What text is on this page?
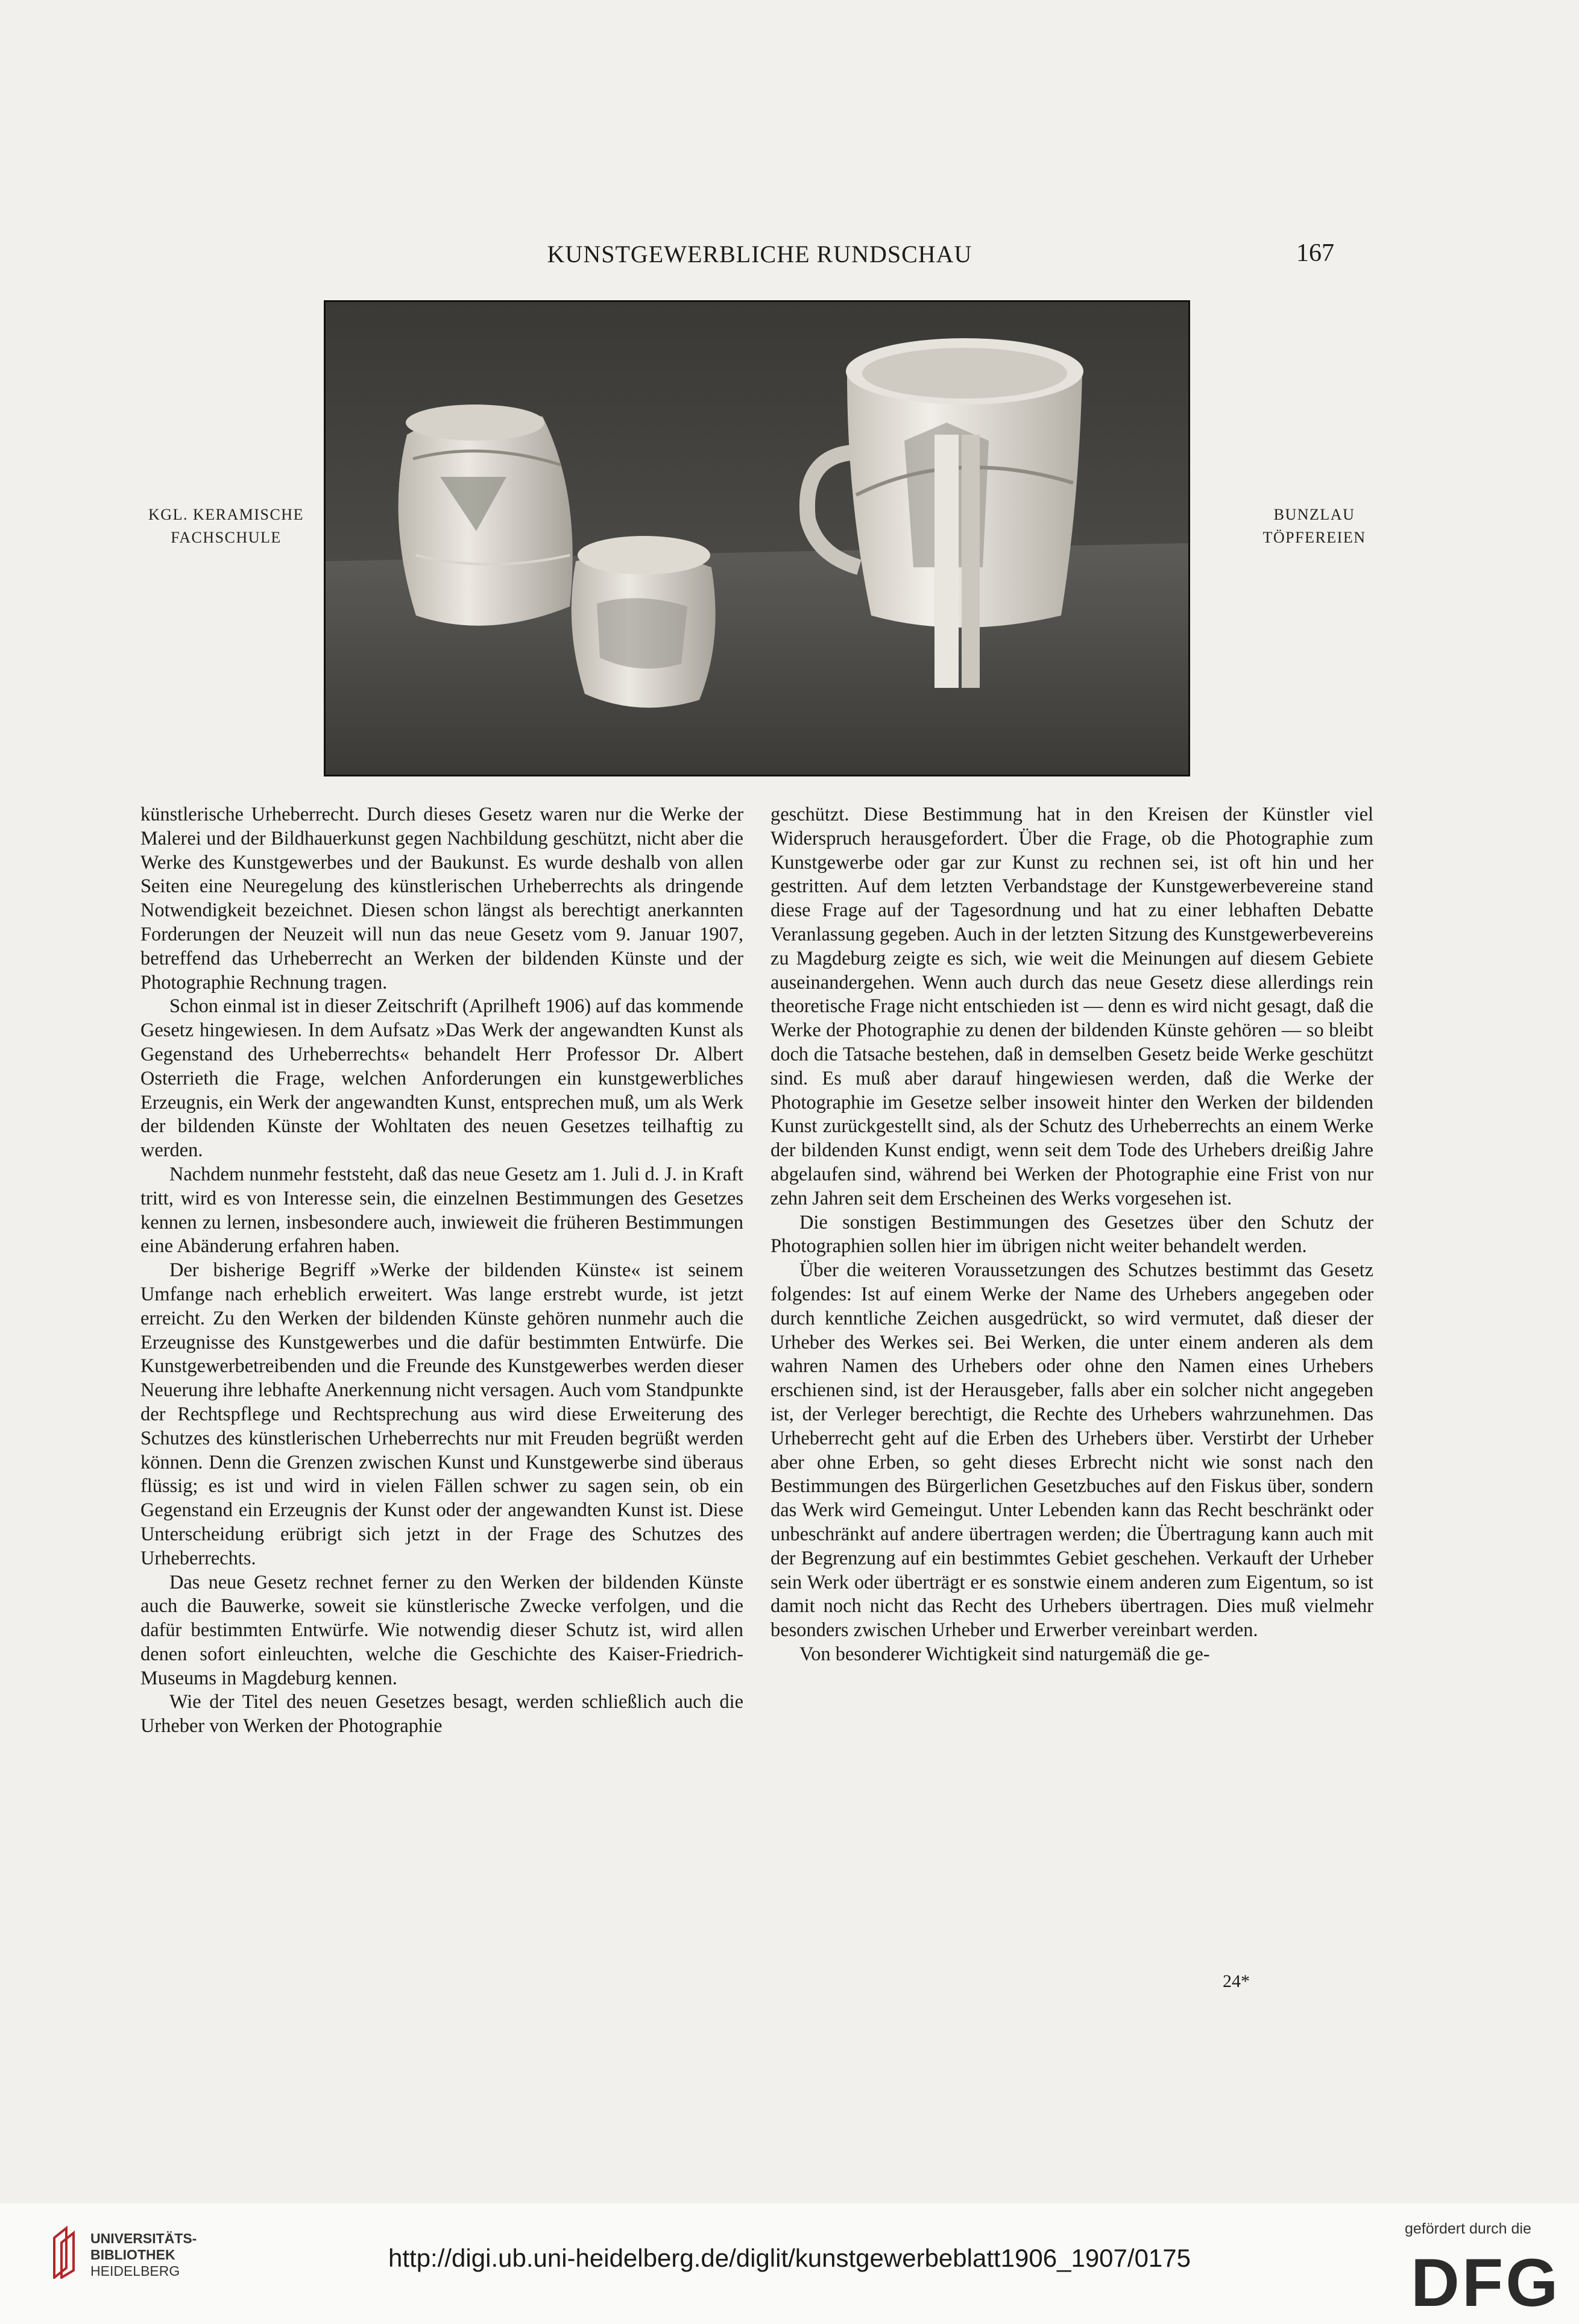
KUNSTGEWERBLICHE RUNDSCHAU	167
KGL. KERAMISCHE
FACHSCHULE
BUNZLAU
TÖPFEREIEN

künstlerische Urheberrecht. Durch dieses Gesetz waren nur die Werke der Malerei und der Bildhauerkunst gegen Nachbildung geschützt, nicht aber die Werke des Kunstgewerbes und der Baukunst. Es wurde deshalb von allen Seiten eine Neuregelung des künstlerischen Urheberrechts als dringende Notwendigkeit bezeichnet. Diesen schon längst als berechtigt anerkannten Forderungen der Neuzeit will nun das neue Gesetz vom 9. Januar 1907, betreffend das Urheberrecht an Werken der bildenden Künste und der Photographie Rechnung tragen.

Schon einmal ist in dieser Zeitschrift (Aprilheft 1906) auf das kommende Gesetz hingewiesen. In dem Aufsatz »Das Werk der angewandten Kunst als Gegenstand des Urheberrechts« behandelt Herr Professor Dr. Albert Osterrieth die Frage, welchen Anforderungen ein kunstgewerbliches Erzeugnis, ein Werk der angewandten Kunst, entsprechen muß, um als Werk der bildenden Künste der Wohltaten des neuen Gesetzes teilhaftig zu werden.

Nachdem nunmehr feststeht, daß das neue Gesetz am 1. Juli d. J. in Kraft tritt, wird es von Interesse sein, die einzelnen Bestimmungen des Gesetzes kennen zu lernen, insbesondere auch, inwieweit die früheren Bestimmungen eine Abänderung erfahren haben.

Der bisherige Begriff »Werke der bildenden Künste« ist seinem Umfange nach erheblich erweitert. Was lange erstrebt wurde, ist jetzt erreicht. Zu den Werken der bildenden Künste gehören nunmehr auch die Erzeugnisse des Kunstgewerbes und die dafür bestimmten Entwürfe. Die Kunstgewerbetreibenden und die Freunde des Kunstgewerbes werden dieser Neuerung ihre lebhafte Anerkennung nicht versagen. Auch vom Standpunkte der Rechtspflege und Rechtsprechung aus wird diese Erweiterung des Schutzes des künstlerischen Urheberrechts nur mit Freuden begrüßt werden können. Denn die Grenzen zwischen Kunst und Kunstgewerbe sind überaus flüssig; es ist und wird in vielen Fällen schwer zu sagen sein, ob ein Gegenstand ein Erzeugnis der Kunst oder der angewandten Kunst ist. Diese Unterscheidung erübrigt sich jetzt in der Frage des Schutzes des Urheberrechts.

Das neue Gesetz rechnet ferner zu den Werken der bildenden Künste auch die Bauwerke, soweit sie künstlerische Zwecke verfolgen, und die dafür bestimmten Entwürfe. Wie notwendig dieser Schutz ist, wird allen denen sofort einleuchten, welche die Geschichte des Kaiser-Friedrich-Museums in Magdeburg kennen.

Wie der Titel des neuen Gesetzes besagt, werden schließlich auch die Urheber von Werken der Photographie

geschützt. Diese Bestimmung hat in den Kreisen der Künstler viel Widerspruch herausgefordert. Über die Frage, ob die Photographie zum Kunstgewerbe oder gar zur Kunst zu rechnen sei, ist oft hin und her gestritten. Auf dem letzten Verbandstage der Kunstgewerbevereine stand diese Frage auf der Tagesordnung und hat zu einer lebhaften Debatte Veranlassung gegeben. Auch in der letzten Sitzung des Kunstgewerbevereins zu Magdeburg zeigte es sich, wie weit die Meinungen auf diesem Gebiete auseinandergehen. Wenn auch durch das neue Gesetz diese allerdings rein theoretische Frage nicht entschieden ist — denn es wird nicht gesagt, daß die Werke der Photographie zu denen der bildenden Künste gehören — so bleibt doch die Tatsache bestehen, daß in demselben Gesetz beide Werke geschützt sind. Es muß aber darauf hingewiesen werden, daß die Werke der Photographie im Gesetze selber insoweit hinter den Werken der bildenden Kunst zurückgestellt sind, als der Schutz des Urheberrechts an einem Werke der bildenden Kunst endigt, wenn seit dem Tode des Urhebers dreißig Jahre abgelaufen sind, während bei Werken der Photographie eine Frist von nur zehn Jahren seit dem Erscheinen des Werks vorgesehen ist.

Die sonstigen Bestimmungen des Gesetzes über den Schutz der Photographien sollen hier im übrigen nicht weiter behandelt werden.

Über die weiteren Voraussetzungen des Schutzes bestimmt das Gesetz folgendes: Ist auf einem Werke der Name des Urhebers angegeben oder durch kenntliche Zeichen ausgedrückt, so wird vermutet, daß dieser der Urheber des Werkes sei. Bei Werken, die unter einem anderen als dem wahren Namen des Urhebers oder ohne den Namen eines Urhebers erschienen sind, ist der Herausgeber, falls aber ein solcher nicht angegeben ist, der Verleger berechtigt, die Rechte des Urhebers wahrzunehmen. Das Urheberrecht geht auf die Erben des Urhebers über. Verstirbt der Urheber aber ohne Erben, so geht dieses Erbrecht nicht wie sonst nach den Bestimmungen des Bürgerlichen Gesetzbuches auf den Fiskus über, sondern das Werk wird Gemeingut. Unter Lebenden kann das Recht beschränkt oder unbeschränkt auf andere übertragen werden; die Übertragung kann auch mit der Begrenzung auf ein bestimmtes Gebiet geschehen. Verkauft der Urheber sein Werk oder überträgt er es sonstwie einem anderen zum Eigentum, so ist damit noch nicht das Recht des Urhebers übertragen. Dies muß vielmehr besonders zwischen Urheber und Erwerber vereinbart werden.

Von besonderer Wichtigkeit sind naturgemäß die ge-

24*
UNIVERSITÄTS-
BIBLIOTHEK
HEIDELBERG	http://digi.ub.uni-heidelberg.de/diglit/kunstgewerbeblatt1906_1907/0175
gefördert durch die
DFG
